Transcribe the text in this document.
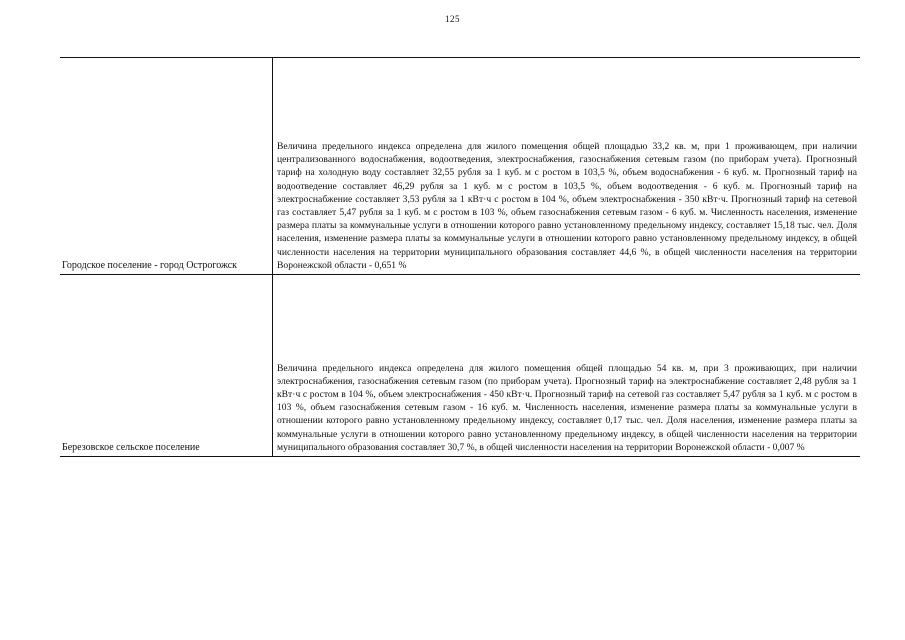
125
Городское поселение - город Острогожск
Величина предельного индекса определена для жилого помещения общей площадью 33,2 кв. м, при 1 проживающем, при наличии централизованного водоснабжения, водоотведения, электроснабжения, газоснабжения сетевым газом (по приборам учета). Прогнозный тариф на холодную воду составляет 32,55 рубля за 1 куб. м с ростом в 103,5 %, объем водоснабжения - 6 куб. м. Прогнозный тариф на водоотведение составляет 46,29 рубля за 1 куб. м с ростом в 103,5 %, объем водоотведения - 6 куб. м. Прогнозный тариф на электроснабжение составляет 3,53 рубля за 1 кВт·ч с ростом в 104 %, объем электроснабжения - 350 кВт·ч. Прогнозный тариф на сетевой газ составляет 5,47 рубля за 1 куб. м с ростом в 103 %, объем газоснабжения сетевым газом - 6 куб. м. Численность населения, изменение размера платы за коммунальные услуги в отношении которого равно установленному предельному индексу, составляет 15,18 тыс. чел. Доля населения, изменение размера платы за коммунальные услуги в отношении которого равно установленному предельному индексу, в общей численности населения на территории муниципального образования составляет 44,6 %, в общей численности населения на территории Воронежской области - 0,651 %
Березовское сельское поселение
Величина предельного индекса определена для жилого помещения общей площадью 54 кв. м, при 3 проживающих, при наличии электроснабжения, газоснабжения сетевым газом (по приборам учета). Прогнозный тариф на электроснабжение составляет 2,48 рубля за 1 кВт·ч с ростом в 104 %, объем электроснабжения - 450 кВт·ч. Прогнозный тариф на сетевой газ составляет 5,47 рубля за 1 куб. м с ростом в 103 %, объем газоснабжения сетевым газом - 16 куб. м. Численность населения, изменение размера платы за коммунальные услуги в отношении которого равно установленному предельному индексу, составляет 0,17 тыс. чел. Доля населения, изменение размера платы за коммунальные услуги в отношении которого равно установленному предельному индексу, в общей численности населения на территории муниципального образования составляет 30,7 %, в общей численности населения на территории Воронежской области - 0,007 %
